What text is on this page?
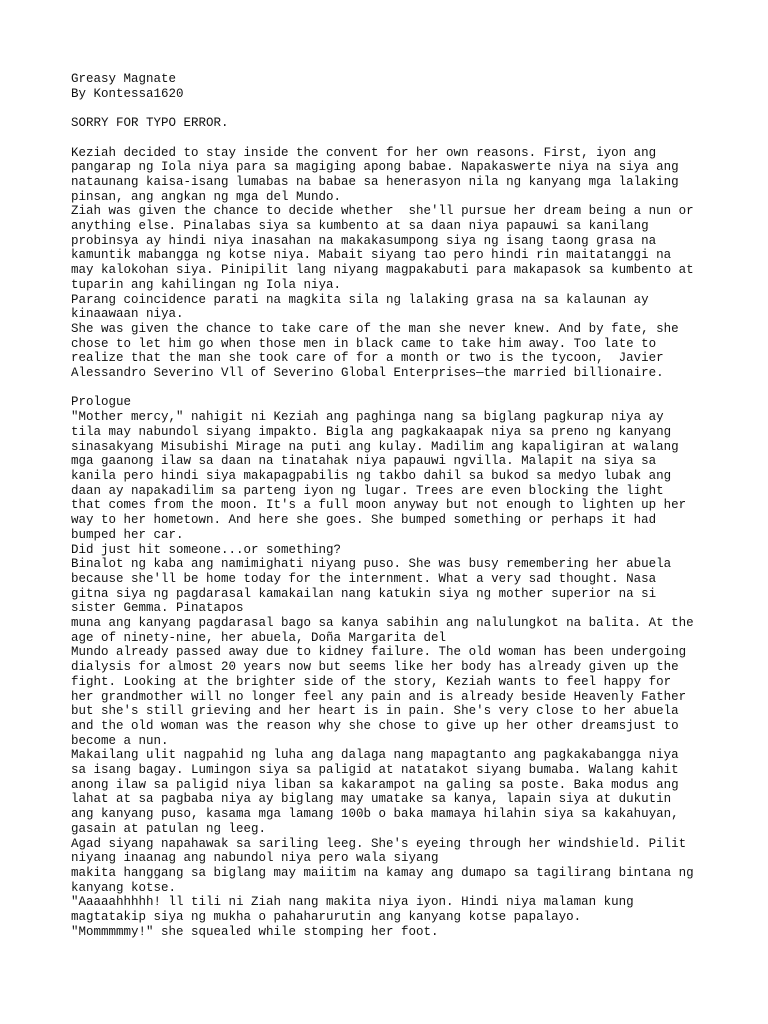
Greasy Magnate
By Kontessa1620

SORRY FOR TYPO ERROR.

Keziah decided to stay inside the convent for her own reasons. First, iyon ang
pangarap ng Iola niya para sa magiging apong babae. Napakaswerte niya na siya ang
nataunang kaisa-isang lumabas na babae sa henerasyon nila ng kanyang mga lalaking
pinsan, ang angkan ng mga del Mundo.
Ziah was given the chance to decide whether  she'll pursue her dream being a nun or
anything else. Pinalabas siya sa kumbento at sa daan niya papauwi sa kanilang
probinsya ay hindi niya inasahan na makakasumpong siya ng isang taong grasa na
kamuntik mabangga ng kotse niya. Mabait siyang tao pero hindi rin maitatanggi na
may kalokohan siya. Pinipilit lang niyang magpakabuti para makapasok sa kumbento at
tuparin ang kahilingan ng Iola niya.
Parang coincidence parati na magkita sila ng lalaking grasa na sa kalaunan ay
kinaawaan niya.
She was given the chance to take care of the man she never knew. And by fate, she
chose to let him go when those men in black came to take him away. Too late to
realize that the man she took care of for a month or two is the tycoon,  Javier
Alessandro Severino Vll of Severino Global Enterprises—the married billionaire.

Prologue
"Mother mercy," nahigit ni Keziah ang paghinga nang sa biglang pagkurap niya ay
tila may nabundol siyang impakto. Bigla ang pagkakaapak niya sa preno ng kanyang
sinasakyang Misubishi Mirage na puti ang kulay. Madilim ang kapaligiran at walang
mga gaanong ilaw sa daan na tinatahak niya papauwi ngvilla. Malapit na siya sa
kanila pero hindi siya makapagpabilis ng takbo dahil sa bukod sa medyo lubak ang
daan ay napakadilim sa parteng iyon ng lugar. Trees are even blocking the light
that comes from the moon. It's a full moon anyway but not enough to lighten up her
way to her hometown. And here she goes. She bumped something or perhaps it had
bumped her car.
Did just hit someone...or something?
Binalot ng kaba ang namimighati niyang puso. She was busy remembering her abuela
because she'll be home today for the internment. What a very sad thought. Nasa
gitna siya ng pagdarasal kamakailan nang katukin siya ng mother superior na si
sister Gemma. Pinatapos
muna ang kanyang pagdarasal bago sa kanya sabihin ang nalulungkot na balita. At the
age of ninety-nine, her abuela, Doña Margarita del
Mundo already passed away due to kidney failure. The old woman has been undergoing
dialysis for almost 20 years now but seems like her body has already given up the
fight. Looking at the brighter side of the story, Keziah wants to feel happy for
her grandmother will no longer feel any pain and is already beside Heavenly Father
but she's still grieving and her heart is in pain. She's very close to her abuela
and the old woman was the reason why she chose to give up her other dreamsjust to
become a nun.
Makailang ulit nagpahid ng luha ang dalaga nang mapagtanto ang pagkakabangga niya
sa isang bagay. Lumingon siya sa paligid at natatakot siyang bumaba. Walang kahit
anong ilaw sa paligid niya liban sa kakarampot na galing sa poste. Baka modus ang
lahat at sa pagbaba niya ay biglang may umatake sa kanya, lapain siya at dukutin
ang kanyang puso, kasama mga lamang 100b o baka mamaya hilahin siya sa kakahuyan,
gasain at patulan ng leeg.
Agad siyang napahawak sa sariling leeg. She's eyeing through her windshield. Pilit
niyang inaanag ang nabundol niya pero wala siyang
makita hanggang sa biglang may maiitim na kamay ang dumapo sa tagilirang bintana ng
kanyang kotse.
"Aaaaahhhhh! ll tili ni Ziah nang makita niya iyon. Hindi niya malaman kung
magtatakip siya ng mukha o pahaharurutin ang kanyang kotse papalayo.
"Mommmmmy!" she squealed while stomping her foot.
